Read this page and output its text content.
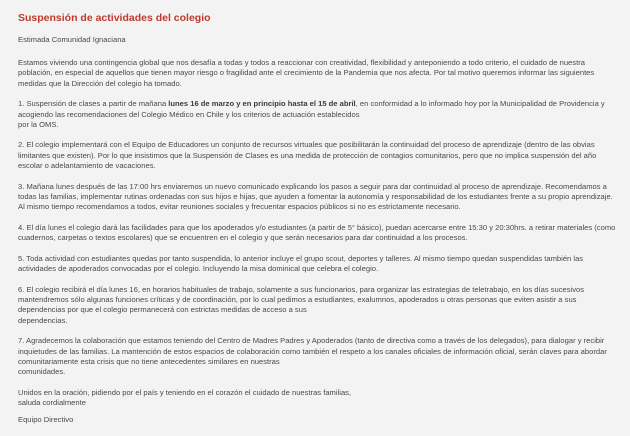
Suspensión de actividades del colegio
Estimada Comunidad Ignaciana
Estamos viviendo una contingencia global que nos desafía a todas y todos a reaccionar con creatividad, flexibilidad y anteponiendo a todo criterio, el cuidado de nuestra población, en especial de aquellos que tienen mayor riesgo o fragilidad ante el crecimiento de la Pandemia que nos afecta. Por tal motivo queremos informar las siguientes medidas que la Dirección del colegio ha tomado.
1. Suspensión de clases a partir de mañana lunes 16 de marzo y en principio hasta el 15 de abril, en conformidad a lo informado hoy por la Municipalidad de Providencia y acogiendo las recomendaciones del Colegio Médico en Chile y los criterios de actuación establecidos
por la OMS.
2. El colegio implementará con el Equipo de Educadores un conjunto de recursos virtuales que posibilitarán la continuidad del proceso de aprendizaje (dentro de las obvias limitantes que existen). Por lo que insistimos que la Suspensión de Clases es una medida de protección de contagios comunitarios, pero que no implica suspensión del año escolar o adelantamiento de vacaciones.
3. Mañana lunes después de las 17:00 hrs enviaremos un nuevo comunicado explicando los pasos a seguir para dar continuidad al proceso de aprendizaje. Recomendamos a todas las familias, implementar rutinas ordenadas con sus hijos e hijas, que ayuden a fomentar la autonomía y responsabilidad de los estudiantes frente a su propio aprendizaje. Al mismo tiempo recomendamos a todos, evitar reuniones sociales y frecuentar espacios públicos si no es estrictamente necesario.
4. El día lunes el colegio dará las facilidades para que los apoderados y/o estudiantes (a partir de 5° básico), puedan acercarse entre 15:30 y 20:30hrs. a retirar materiales (como cuadernos, carpetas o textos escolares) que se encuentren en el colegio y que serán necesarios para dar continuidad a los procesos.
5. Toda actividad con estudiantes quedas por tanto suspendida, lo anterior incluye el grupo scout, deportes y talleres. Al mismo tiempo quedan suspendidas también las actividades de apoderados convocadas por el colegio. Incluyendo la misa dominical que celebra el colegio.
6. El colegio recibirá el día lunes 16, en horarios habituales de trabajo, solamente a sus funcionarios, para organizar las estrategias de teletrabajo, en los días sucesivos mantendremos sólo algunas funciones críticas y de coordinación, por lo cual pedimos a estudiantes, exalumnos, apoderados u otras personas que eviten asistir a sus dependencias por que el colegio permanecerá con estrictas medidas de acceso a sus
dependencias.
7. Agradecemos la colaboración que estamos teniendo del Centro de Madres Padres y Apoderados (tanto de directiva como a través de los delegados), para dialogar y recibir inquietudes de las familias. La mantención de estos espacios de colaboración como también el respeto a los canales oficiales de información oficial, serán claves para abordar comunitariamente esta crisis que no tiene antecedentes similares en nuestras
comunidades.
Unidos en la oración, pidiendo por el país y teniendo en el corazón el cuidado de nuestras familias,
saluda cordialmente
Equipo Directivo
